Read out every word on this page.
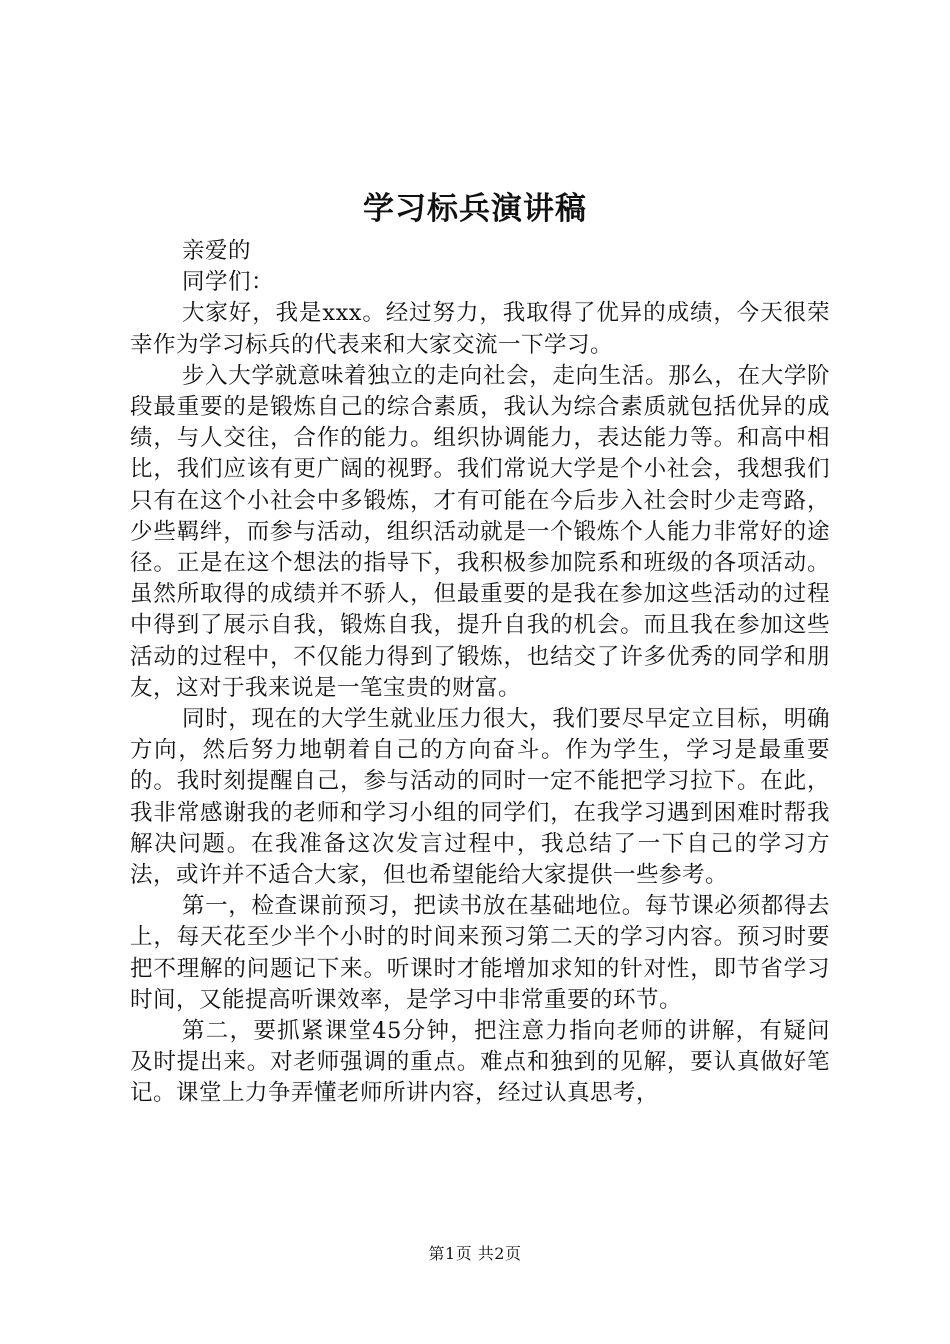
学习标兵演讲稿

亲爱的

同学们：

大家好，我是xxx。经过努力，我取得了优异的成绩，今天很荣幸作为学习标兵的代表来和大家交流一下学习。

步入大学就意味着独立的走向社会，走向生活。那么，在大学阶段最重要的是锻炼自己的综合素质，我认为综合素质就包括优异的成绩，与人交往，合作的能力。组织协调能力，表达能力等。和高中相比，我们应该有更广阔的视野。我们常说大学是个小社会，我想我们只有在这个小社会中多锻炼，才有可能在今后步入社会时少走弯路，少些羁绊，而参与活动，组织活动就是一个锻炼个人能力非常好的途径。正是在这个想法的指导下，我积极参加院系和班级的各项活动。虽然所取得的成绩并不骄人，但最重要的是我在参加这些活动的过程中得到了展示自我，锻炼自我，提升自我的机会。而且我在参加这些活动的过程中，不仅能力得到了锻炼，也结交了许多优秀的同学和朋友，这对于我来说是一笔宝贵的财富。

同时，现在的大学生就业压力很大，我们要尽早定立目标，明确方向，然后努力地朝着自己的方向奋斗。作为学生，学习是最重要的。我时刻提醒自己，参与活动的同时一定不能把学习拉下。在此，我非常感谢我的老师和学习小组的同学们，在我学习遇到困难时帮我解决问题。在我准备这次发言过程中，我总结了一下自己的学习方法，或许并不适合大家，但也希望能给大家提供一些参考。

第一，检查课前预习，把读书放在基础地位。每节课必须都得去上，每天花至少半个小时的时间来预习第二天的学习内容。预习时要把不理解的问题记下来。听课时才能增加求知的针对性，即节省学习时间，又能提高听课效率，是学习中非常重要的环节。

第二，要抓紧课堂45分钟，把注意力指向老师的讲解，有疑问及时提出来。对老师强调的重点。难点和独到的见解，要认真做好笔记。课堂上力争弄懂老师所讲内容，经过认真思考，

第1页 共2页
